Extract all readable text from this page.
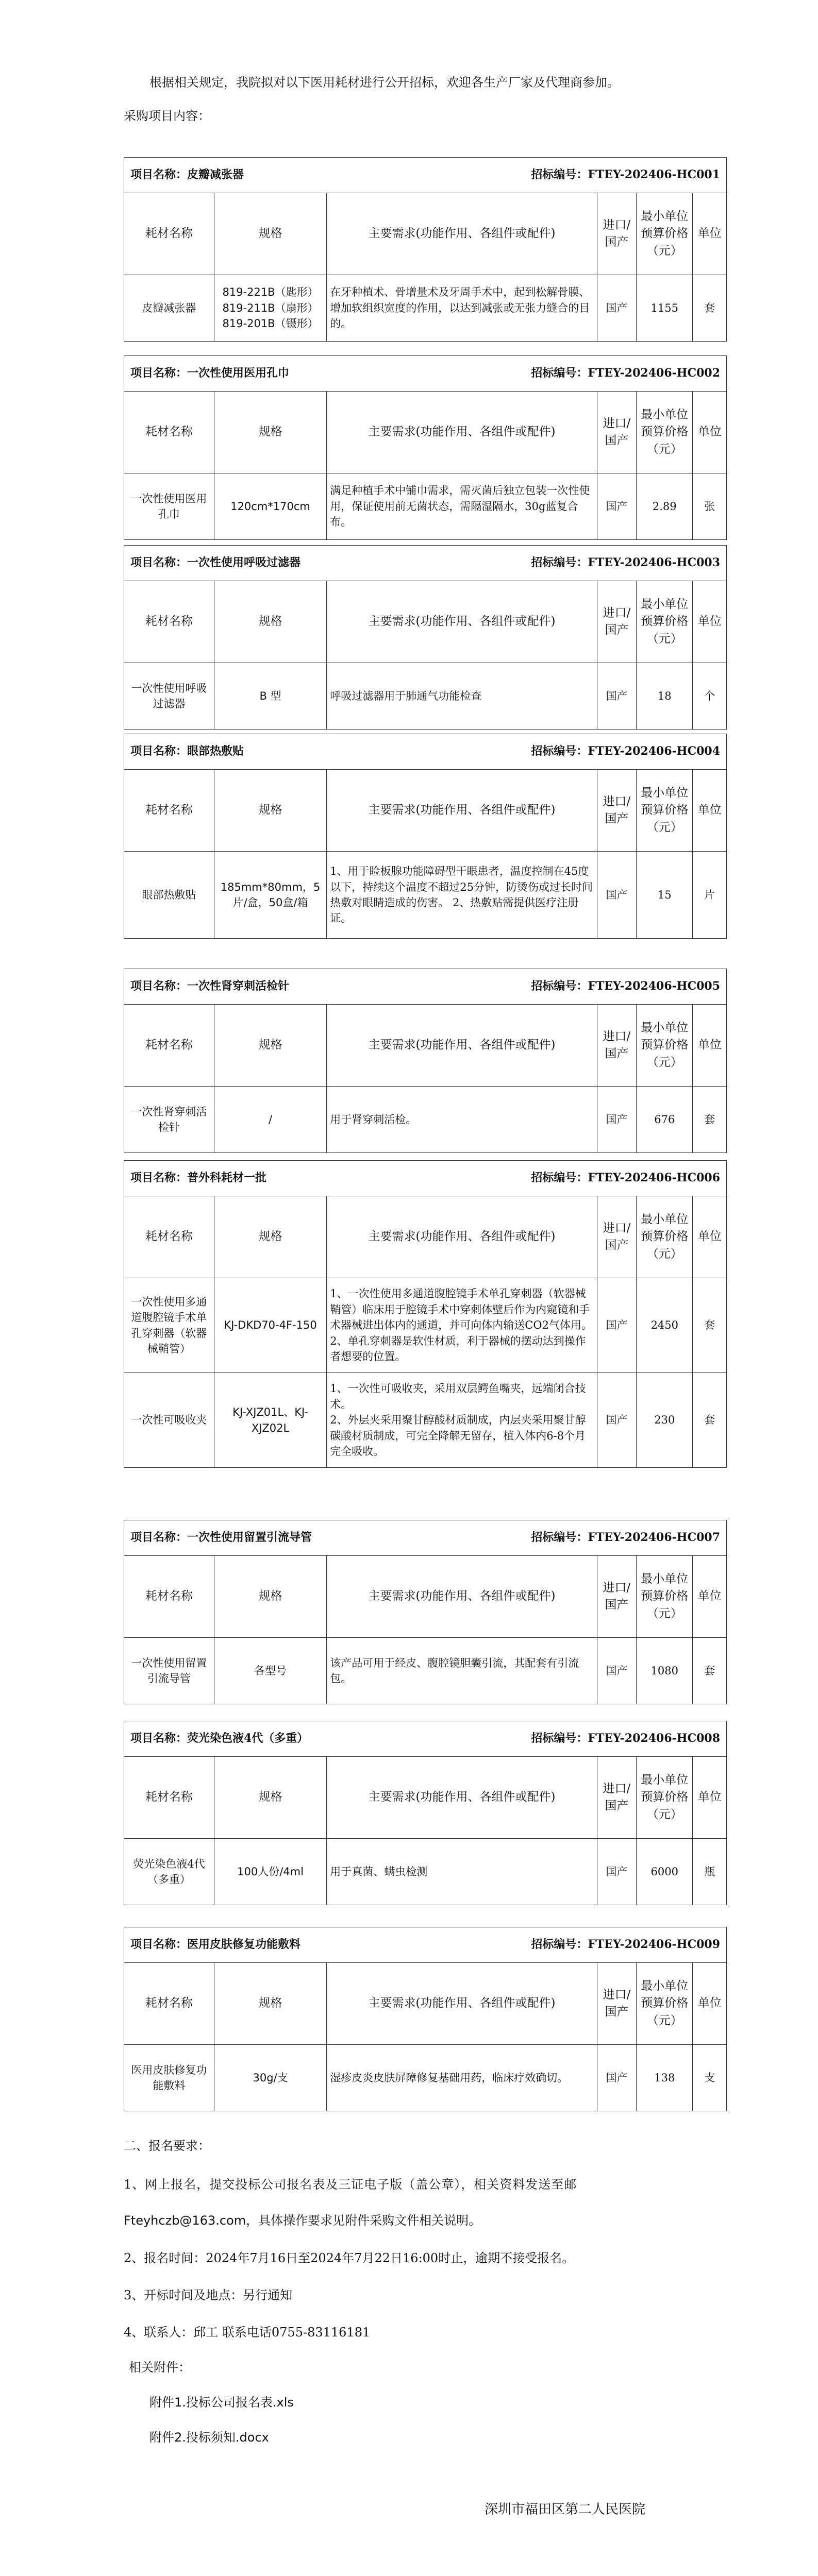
根据相关规定，我院拟对以下医用耗材进行公开招标，欢迎各生产厂家及代理商参加。
采购项目内容：
项目名称：皮瓣减张器 招标编号：FTEY-202406-HC001					

耗材名称	规格	主要需求(功能作用、各组件或配件)	进口/国产	最小单位预算价格（元）	单位
皮瓣减张器	819-221B（匙形）
819-211B（扇形）
819-201B（镊形）	在牙种植术、骨增量术及牙周手术中，起到松解骨膜、增加软组织宽度的作用，以达到减张或无张力缝合的目的。	国产	1155	套
项目名称：一次性使用医用孔巾 招标编号：FTEY-202406-HC002					

耗材名称	规格	主要需求(功能作用、各组件或配件)	进口/国产	最小单位预算价格（元）	单位
一次性使用医用孔巾	120cm*170cm	满足种植手术中铺巾需求，需灭菌后独立包装一次性使用，保证使用前无菌状态，需隔湿隔水，30g蓝复合布。	国产	2.89	张
项目名称：一次性使用呼吸过滤器 招标编号：FTEY-202406-HC003					

耗材名称	规格	主要需求(功能作用、各组件或配件)	进口/国产	最小单位预算价格（元）	单位
一次性使用呼吸过滤器	B 型	呼吸过滤器用于肺通气功能检查	国产	18	个
项目名称：眼部热敷贴 招标编号：FTEY-202406-HC004					

耗材名称	规格	主要需求(功能作用、各组件或配件)	进口/国产	最小单位预算价格（元）	单位
眼部热敷贴	185mm*80mm，5片/盒，50盒/箱	1、用于睑板腺功能障碍型干眼患者，温度控制在45度以下，持续这个温度不超过25分钟，防烫伤或过长时间热敷对眼睛造成的伤害。 2、热敷贴需提供医疗注册证。	国产	15	片
项目名称：一次性肾穿刺活检针 招标编号：FTEY-202406-HC005					

耗材名称	规格	主要需求(功能作用、各组件或配件)	进口/国产	最小单位预算价格（元）	单位
一次性肾穿刺活检针	/	用于肾穿刺活检。	国产	676	套
项目名称：普外科耗材一批 招标编号：FTEY-202406-HC006					

耗材名称	规格	主要需求(功能作用、各组件或配件)	进口/国产	最小单位预算价格（元）	单位
一次性使用多通道腹腔镜手术单孔穿刺器（软器械鞘管）	KJ-DKD70-4F-150	1、一次性使用多通道腹腔镜手术单孔穿刺器（软器械鞘管）临床用于腔镜手术中穿刺体壁后作为内窥镜和手术器械进出体内的通道，并可向体内输送CO2气体用。
2、单孔穿刺器是软性材质，利于器械的摆动达到操作者想要的位置。	国产	2450	套
一次性可吸收夹	KJ-XJZ01L、KJ-XJZ02L	1、一次性可吸收夹，采用双层鳄鱼嘴夹，远端闭合技术。
2、外层夹采用聚甘醇酸材质制成，内层夹采用聚甘醇碳酸材质制成，可完全降解无留存，植入体内6-8个月完全吸收。	国产	230	套
项目名称：一次性使用留置引流导管 招标编号：FTEY-202406-HC007					

耗材名称	规格	主要需求(功能作用、各组件或配件)	进口/国产	最小单位预算价格（元）	单位
一次性使用留置引流导管	各型号	该产品可用于经皮、腹腔镜胆囊引流，其配套有引流包。	国产	1080	套
项目名称：荧光染色液4代（多重） 招标编号：FTEY-202406-HC008					

耗材名称	规格	主要需求(功能作用、各组件或配件)	进口/国产	最小单位预算价格（元）	单位
荧光染色液4代（多重）	100人份/4ml	用于真菌、螨虫检测	国产	6000	瓶
项目名称：医用皮肤修复功能敷料 招标编号：FTEY-202406-HC009					

耗材名称	规格	主要需求(功能作用、各组件或配件)	进口/国产	最小单位预算价格（元）	单位
医用皮肤修复功能敷料	30g/支	湿疹皮炎皮肤屏障修复基础用药，临床疗效确切。	国产	138	支
二、报名要求：
1、网上报名，提交投标公司报名表及三证电子版（盖公章），相关资料发送至邮
Fteyhczb@163.com，具体操作要求见附件采购文件相关说明。
2、报名时间：2024年7月16日至2024年7月22日16:00时止，逾期不接受报名。
3、开标时间及地点：另行通知
4、联系人：邱工 联系电话0755-83116181
相关附件：
附件1.投标公司报名表.xls
附件2.投标须知.docx
深圳市福田区第二人民医院
